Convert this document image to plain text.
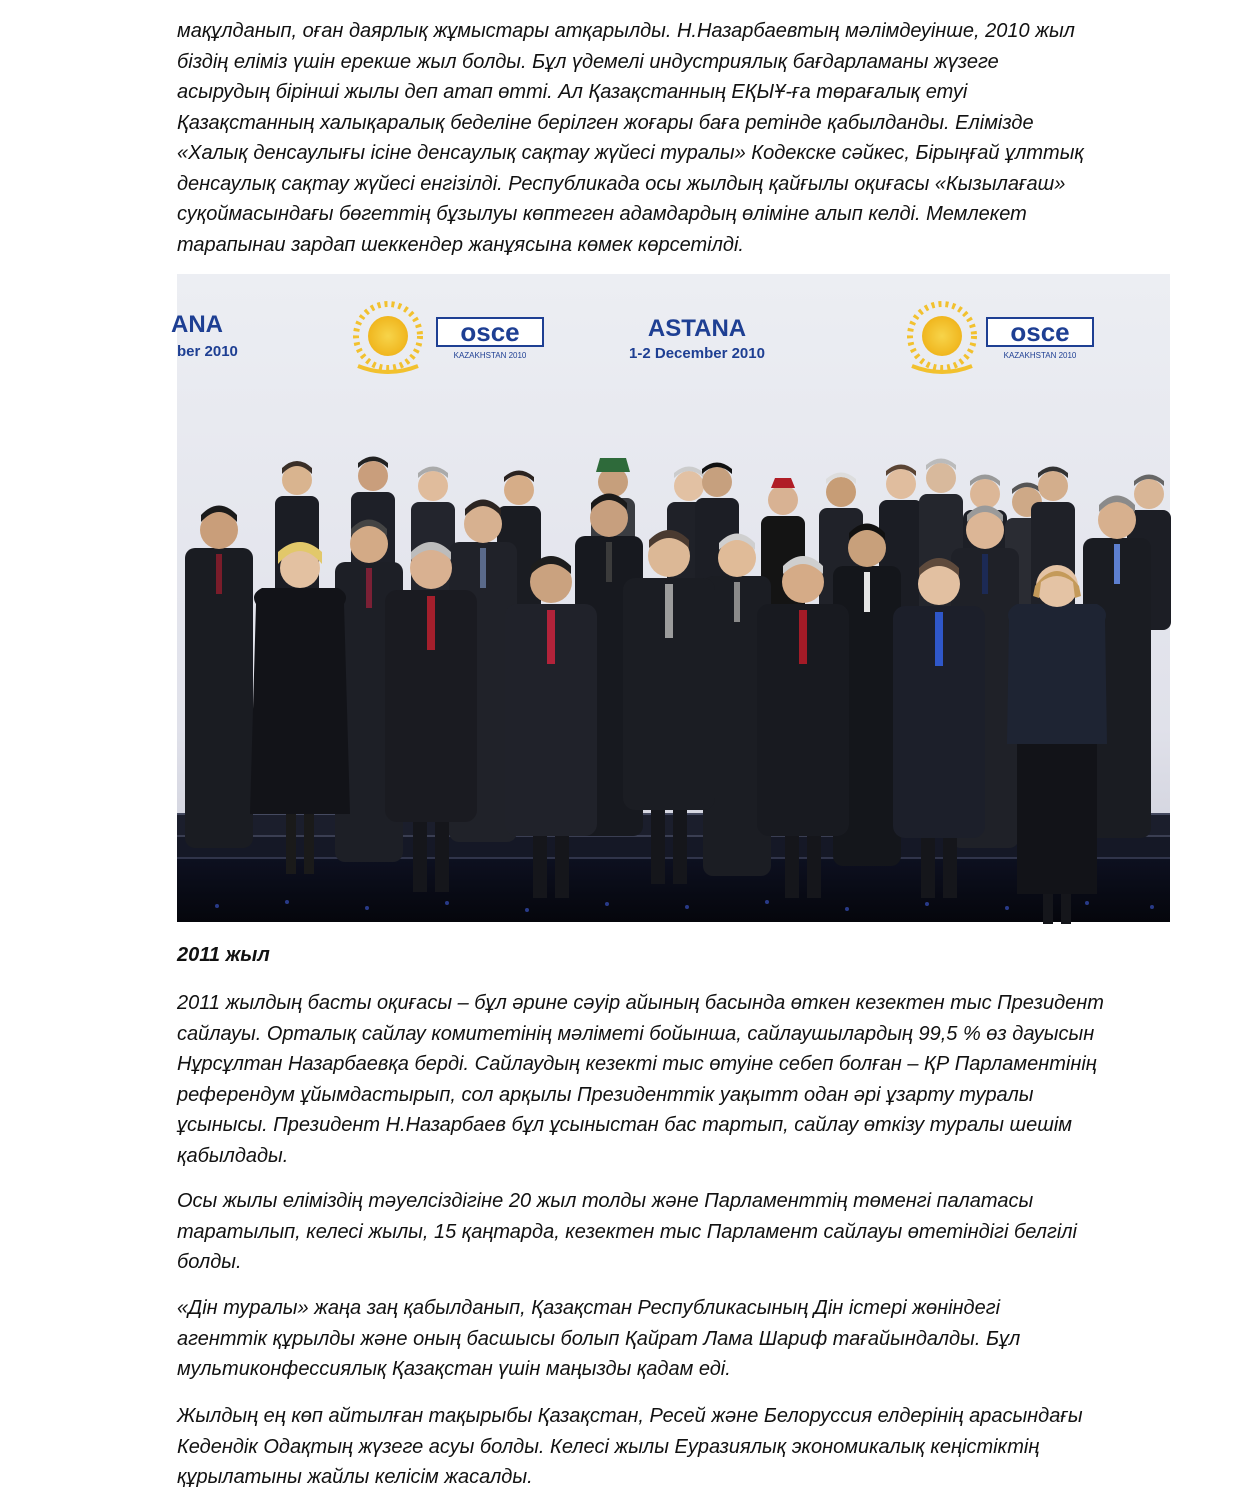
мақұлданып, оған даярлық жұмыстары атқарылды. Н.Назарбаевтың мәлімдеуінше, 2010 жыл
біздің еліміз үшін ерекше жыл болды. Бұл үдемелі индустриялық бағдарламаны жүзеге
асырудың бірінші жылы деп атап өтті. Ал Қазақстанның ЕҚЫҰ-ға төрағалық етуі
Қазақстанның халықаралық беделіне берілген жоғары баға ретінде қабылданды. Елімізде
«Халық денсаулығы ісіне денсаулық сақтау жүйесі туралы» Кодекске сәйкес, Бірыңғай ұлттық
денсаулық сақтау жүйесі енгізілді. Республикада осы жылдың қайғылы оқиғасы «Кызылағаш»
суқоймасындағы бөгеттің бұзылуы көптеген адамдардың өліміне алып келді. Мемлекет
тарапынаи зардап шеккендер жанұясына көмек көрсетілді.

ANA
ber 2010
osce
KAZAKHSTAN 2010
ASTANA
1-2 December 2010
osce
KAZAKHSTAN 2010

2011 жыл

2011 жылдың басты оқиғасы – бұл әрине сәуір айының басында өткен кезектен тыс Президент
сайлауы. Орталық сайлау комитетінің мәліметі бойынша, сайлаушылардың 99,5 % өз дауысын
Нұрсұлтан Назарбаевқа берді. Сайлаудың кезекті тыс өтуіне себеп болған – ҚР Парламентінің
референдум ұйымдастырып, сол арқылы Президенттік уақытт одан әрі ұзарту туралы
ұсынысы. Президент Н.Назарбаев бұл ұсыныстан бас тартып, сайлау өткізу туралы шешім
қабылдады.

Осы жылы еліміздің тәуелсіздігіне 20 жыл толды және Парламенттің төменгі палатасы
таратылып, келесі жылы, 15 қаңтарда, кезектен тыс Парламент сайлауы өтетіндігі белгілі
болды.

«Дін туралы» жаңа заң қабылданып, Қазақстан Республикасының Дін істері жөніндегі
агенттік құрылды және оның басшысы болып Қайрат Лама Шариф тағайындалды. Бұл
мультиконфессиялық Қазақстан үшін маңызды қадам еді.

Жылдың ең көп айтылған тақырыбы Қазақстан, Ресей және Белоруссия елдерінің арасындағы
Кедендік Одақтың жүзеге асуы болды. Келесі жылы Еуразиялық экономикалық кеңістіктің
құрылатыны жайлы келісім жасалды.
